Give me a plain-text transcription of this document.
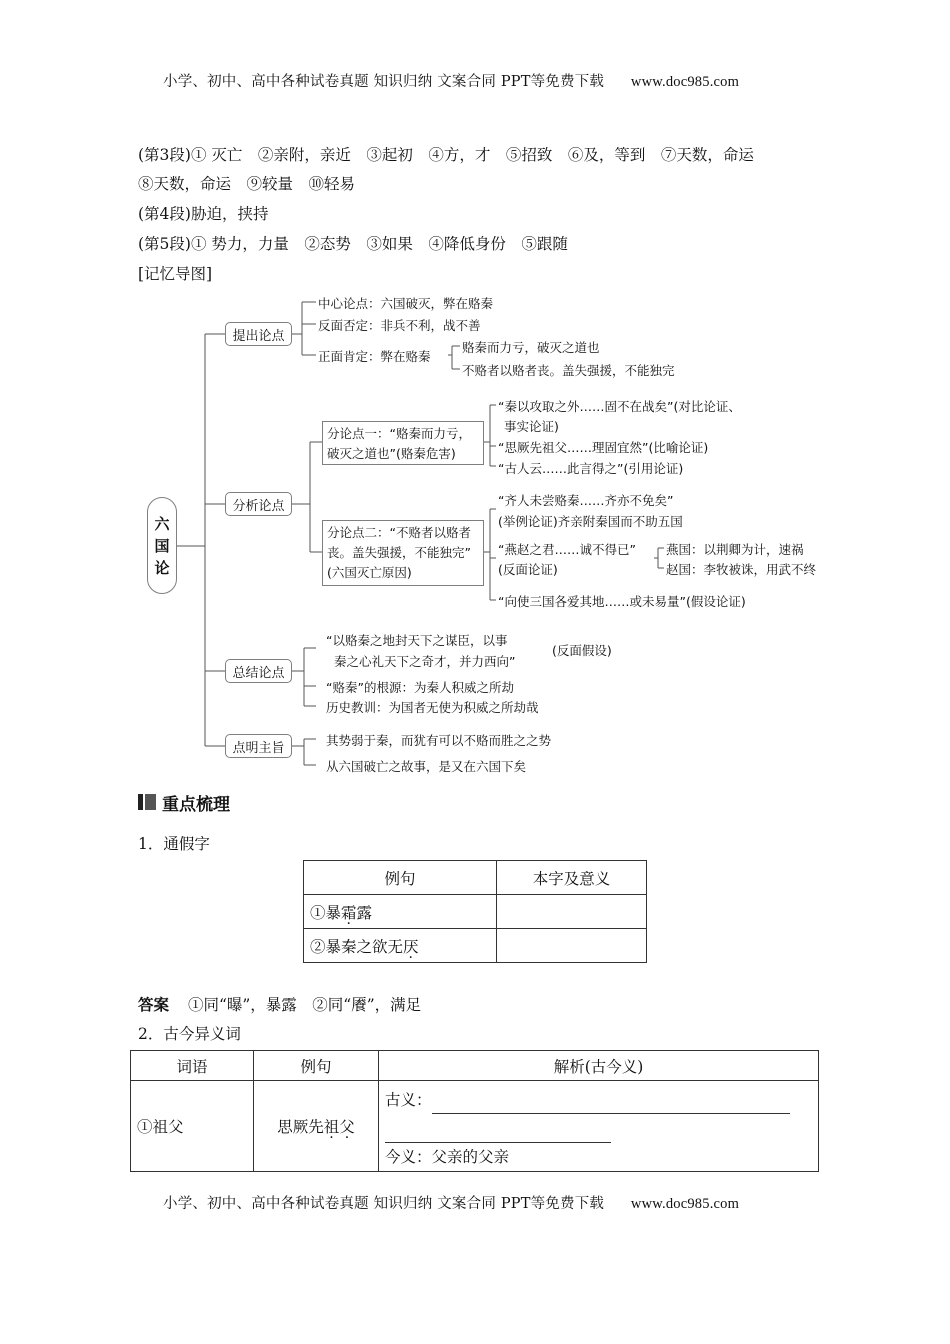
小学、初中、高中各种试卷真题 知识归纳 文案合同 PPT等免费下载 www.doc985.com
(第3段)① 灭亡　②亲附，亲近　③起初　④方，才　⑤招致　⑥及，等到　⑦天数，命运
⑧天数，命运　⑨较量　⑩轻易
(第4段)胁迫，挟持
(第5段)① 势力，力量　②态势　③如果　④降低身份　⑤跟随
[记忆导图]
六
国
论
提出论点
中心论点：六国破灭，弊在赂秦
反面否定：非兵不利，战不善
正面肯定：弊在赂秦
赂秦而力亏，破灭之道也
不赂者以赂者丧。盖失强援，不能独完
分析论点
分论点一：“赂秦而力亏，
破灭之道也”(赂秦危害)
“秦以攻取之外……固不在战矣”(对比论证、
事实论证)
“思厥先祖父……理固宜然”(比喻论证)
“古人云……此言得之”(引用论证)
分论点二：“不赂者以赂者
丧。盖失强援，不能独完”
(六国灭亡原因)
“齐人未尝赂秦……齐亦不免矣”
(举例论证)齐亲附秦国而不助五国
“燕赵之君……诚不得已”
(反面论证)
燕国：以荆卿为计，速祸
赵国：李牧被诛，用武不终
“向使三国各爱其地……或未易量”(假设论证)
总结论点
“以赂秦之地封天下之谋臣，以事
秦之心礼天下之奇才，并力西向”
(反面假设)
“赂秦”的根源：为秦人积威之所劫
历史教训：为国者无使为积威之所劫哉
点明主旨	其势弱于秦，而犹有可以不赂而胜之之势
从六国破亡之故事，是又在六国下矣
重点梳理
1．通假字
例句	本字及意义
①暴霜露	
②暴秦之欲无厌	
答案 ①同“曝”，暴露　②同“餍”，满足
2．古今异义词
词语	例句	解析(古今义)
①祖父	思厥先祖父	古义：

今义：父亲的父亲
小学、初中、高中各种试卷真题 知识归纳 文案合同 PPT等免费下载 www.doc985.com
